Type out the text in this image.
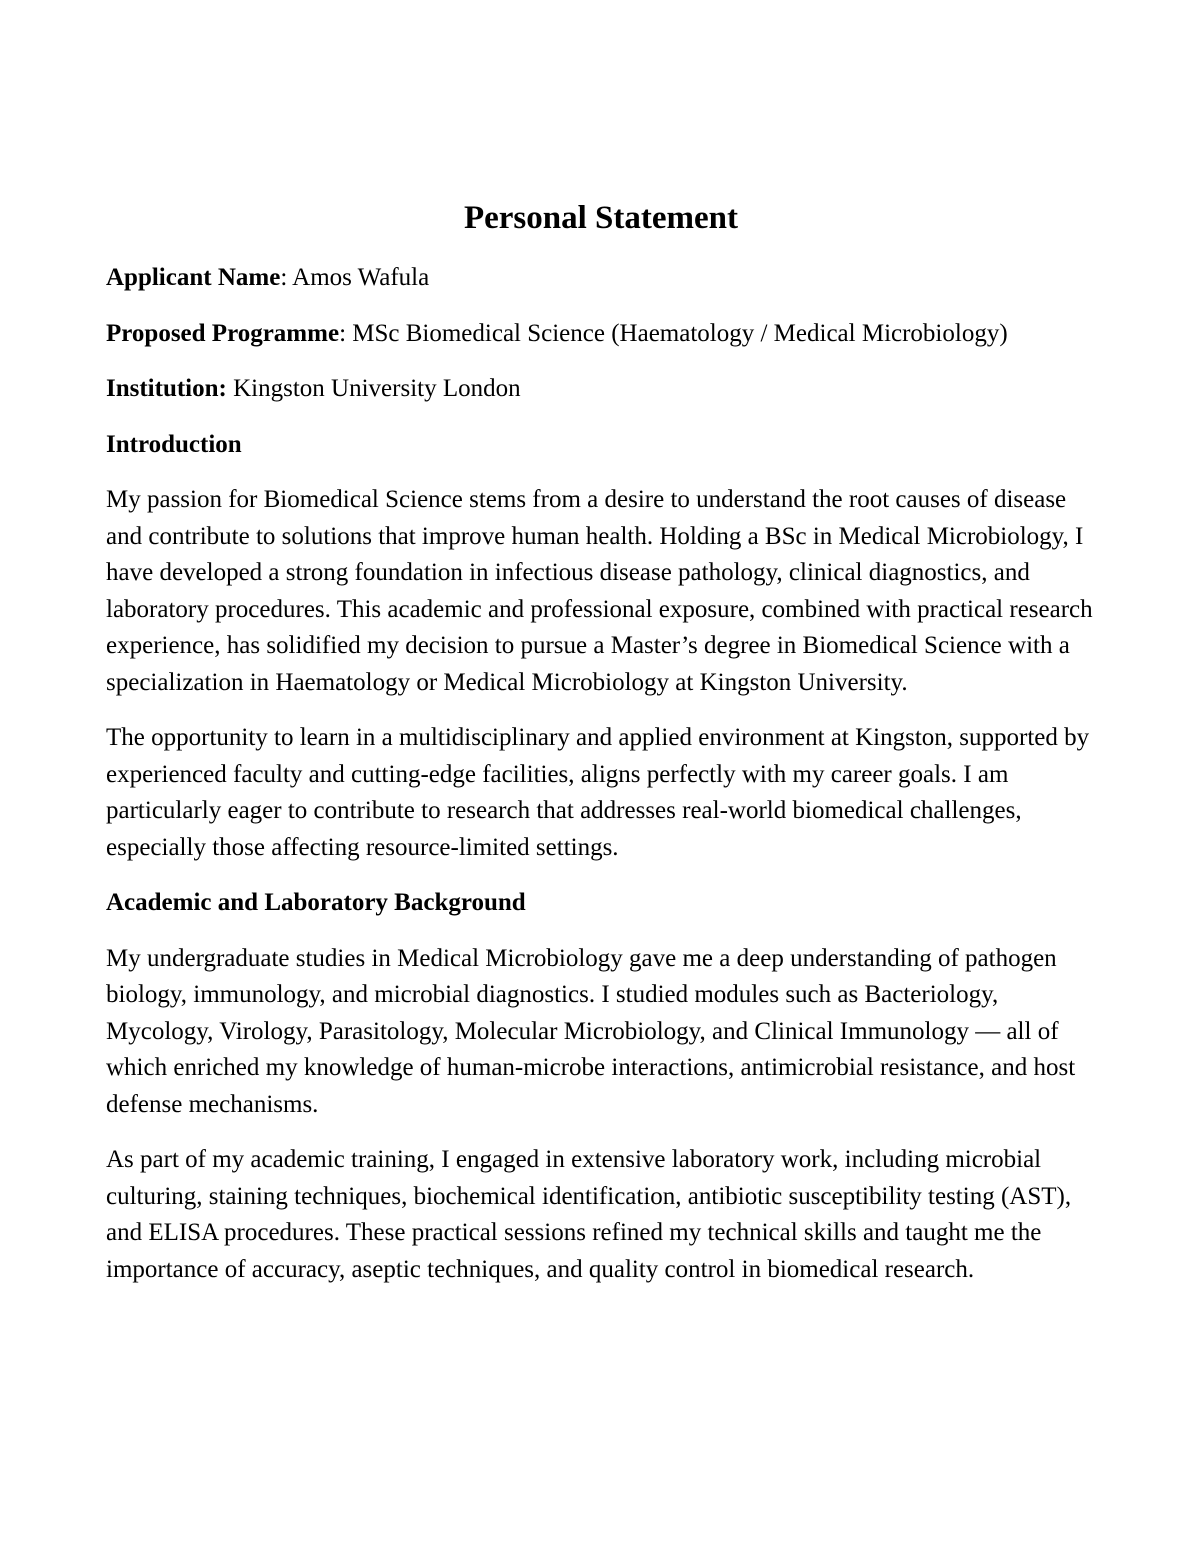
Personal Statement
Applicant Name: Amos Wafula
Proposed Programme: MSc Biomedical Science (Haematology / Medical Microbiology)
Institution: Kingston University London
Introduction

My passion for Biomedical Science stems from a desire to understand the root causes of disease and contribute to solutions that improve human health. Holding a BSc in Medical Microbiology, I have developed a strong foundation in infectious disease pathology, clinical diagnostics, and laboratory procedures. This academic and professional exposure, combined with practical research experience, has solidified my decision to pursue a Master’s degree in Biomedical Science with a specialization in Haematology or Medical Microbiology at Kingston University.

The opportunity to learn in a multidisciplinary and applied environment at Kingston, supported by experienced faculty and cutting-edge facilities, aligns perfectly with my career goals. I am particularly eager to contribute to research that addresses real-world biomedical challenges, especially those affecting resource-limited settings.

Academic and Laboratory Background

My undergraduate studies in Medical Microbiology gave me a deep understanding of pathogen biology, immunology, and microbial diagnostics. I studied modules such as Bacteriology, Mycology, Virology, Parasitology, Molecular Microbiology, and Clinical Immunology — all of which enriched my knowledge of human-microbe interactions, antimicrobial resistance, and host defense mechanisms.

As part of my academic training, I engaged in extensive laboratory work, including microbial culturing, staining techniques, biochemical identification, antibiotic susceptibility testing (AST), and ELISA procedures. These practical sessions refined my technical skills and taught me the importance of accuracy, aseptic techniques, and quality control in biomedical research.
